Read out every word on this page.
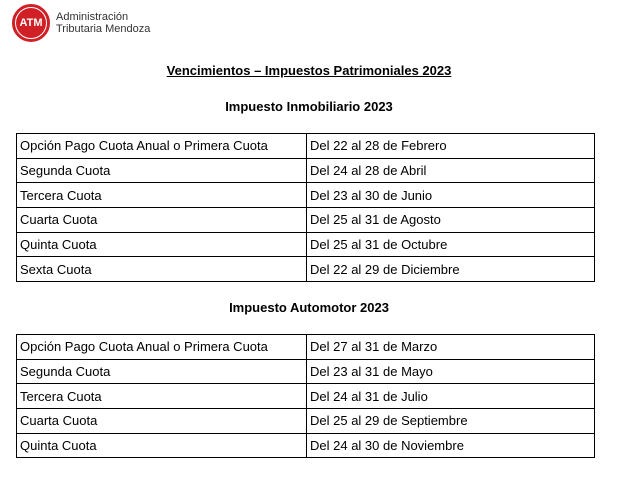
ATM	Administración
Tributaria Mendoza
Vencimientos – Impuestos Patrimoniales 2023
Impuesto Inmobiliario 2023
Opción Pago Cuota Anual o Primera Cuota	Del 22 al 28 de Febrero
Segunda Cuota	Del 24 al 28 de Abril
Tercera Cuota	Del 23 al 30 de Junio
Cuarta Cuota	Del 25 al 31 de Agosto
Quinta Cuota	Del 25 al 31 de Octubre
Sexta Cuota	Del 22 al 29 de Diciembre
Impuesto Automotor 2023
Opción Pago Cuota Anual o Primera Cuota	Del 27 al 31 de Marzo
Segunda Cuota	Del 23 al 31 de Mayo
Tercera Cuota	Del 24 al 31 de Julio
Cuarta Cuota	Del 25 al 29 de Septiembre
Quinta Cuota	Del 24 al 30 de Noviembre
